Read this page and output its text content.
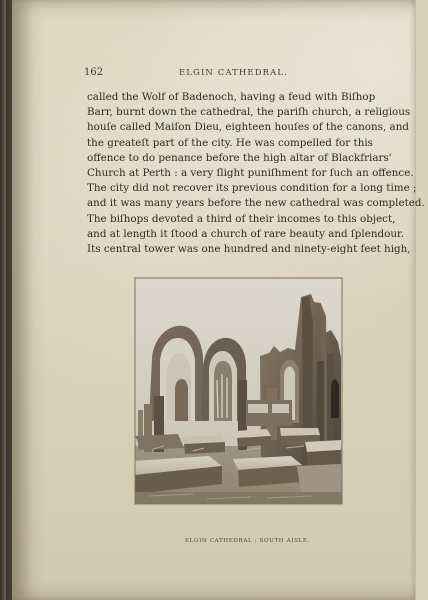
162	ELGIN CATHEDRAL.
called the Wolf of Badenoch, having a feud with Biſhop
Barr, burnt down the cathedral, the pariſh church, a religious
houſe called Maiſon Dieu, eighteen houſes of the canons, and
the greateſt part of the city. He was compelled for this
offence to do penance before the high altar of Blackfriars'
Church at Perth : a very ſlight puniſhment for ſuch an offence.
The city did not recover its previous condition for a long time ;
and it was many years before the new cathedral was completed.
The biſhops devoted a third of their incomes to this object,
and at length it ſtood a church of rare beauty and ſplendour.
Its central tower was one hundred and ninety-eight feet high,
ELGIN CATHEDRAL ; SOUTH AISLE.
